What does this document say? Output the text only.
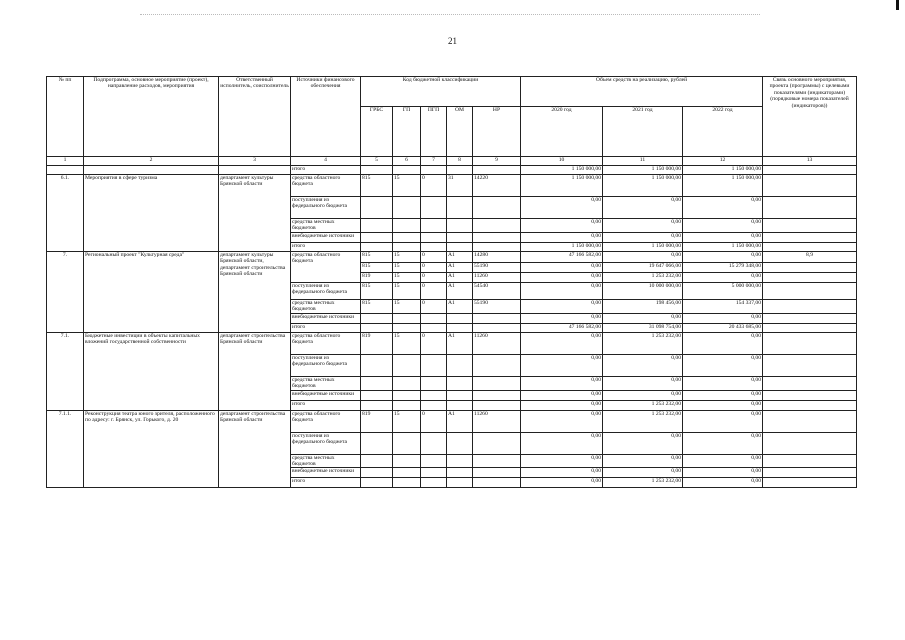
21
№ пп	Подпрограмма, основное мероприятие (проект), направление расходов, мероприятия	Ответственный исполнитель, соисполнитель	Источники финансового обеспечения	Код бюджетной классификации					Объем средств на реализацию, рублей			Связь основного мероприятия, проекта (программы) с целевыми показателями (индикаторами) (порядковые номера показателей (индикаторов))
				ГРБС	ГП	ПГП	ОМ	НР	2020 год	2021 год	2022 год	
1	2	3	4	5	6	7	8	9	10	11	12	13
			итого						1 150 000,00	1 150 000,00	1 150 000,00	
6.1.	Мероприятия в сфере туризма	департамент культуры Брянской области	средства областного бюджета	815	15	0	31	14220	1 150 000,00	1 150 000,00	1 150 000,00	
			поступления из федерального бюджета						0,00	0,00	0,00	
			средства местных бюджетов						0,00	0,00	0,00	
			внебюджетные источники						0,00	0,00	0,00	
			итого						1 150 000,00	1 150 000,00	1 150 000,00	
7.	Региональный проект "Культурная среда"	департамент культуры Брянской области, департамент строительства Брянской области	средства областного бюджета	815	15	0	A1	14280	47 166 582,00	0,00	0,00	8,9
				815	15	0	A1	55190	0,00	19 647 066,00	15 279 348,00	
				819	15	0	A1	11260	0,00	1 253 232,00	0,00	
			поступления из федерального бюджета	815	15	0	A1	54540	0,00	10 000 000,00	5 000 000,00	
			средства местных бюджетов	815	15	0	A1	55190	0,00	198 456,00	154 337,00	
			внебюджетные источники						0,00	0,00	0,00	
			итого						47 166 582,00	31 098 754,00	20 433 685,00	
7.1.	Бюджетные инвестиции в объекты капитальных вложений государственной собственности	департамент строительства Брянской области	средства областного бюджета	819	15	0	A1	11260	0,00	1 253 232,00	0,00	
			поступления из федерального бюджета						0,00	0,00	0,00	
			средства местных бюджетов						0,00	0,00	0,00	
			внебюджетные источники						0,00	0,00	0,00	
			итого						0,00	1 253 232,00	0,00	
7.1.1.	Реконструкция театра юного зрителя, расположенного по адресу: г. Брянск, ул. Горького, д. 20	департамент строительства Брянской области	средства областного бюджета	819	15	0	A1	11260	0,00	1 253 232,00	0,00	
			поступления из федерального бюджета						0,00	0,00	0,00	
			средства местных бюджетов						0,00	0,00	0,00	
			внебюджетные источники						0,00	0,00	0,00	
			итого						0,00	1 253 232,00	0,00	
